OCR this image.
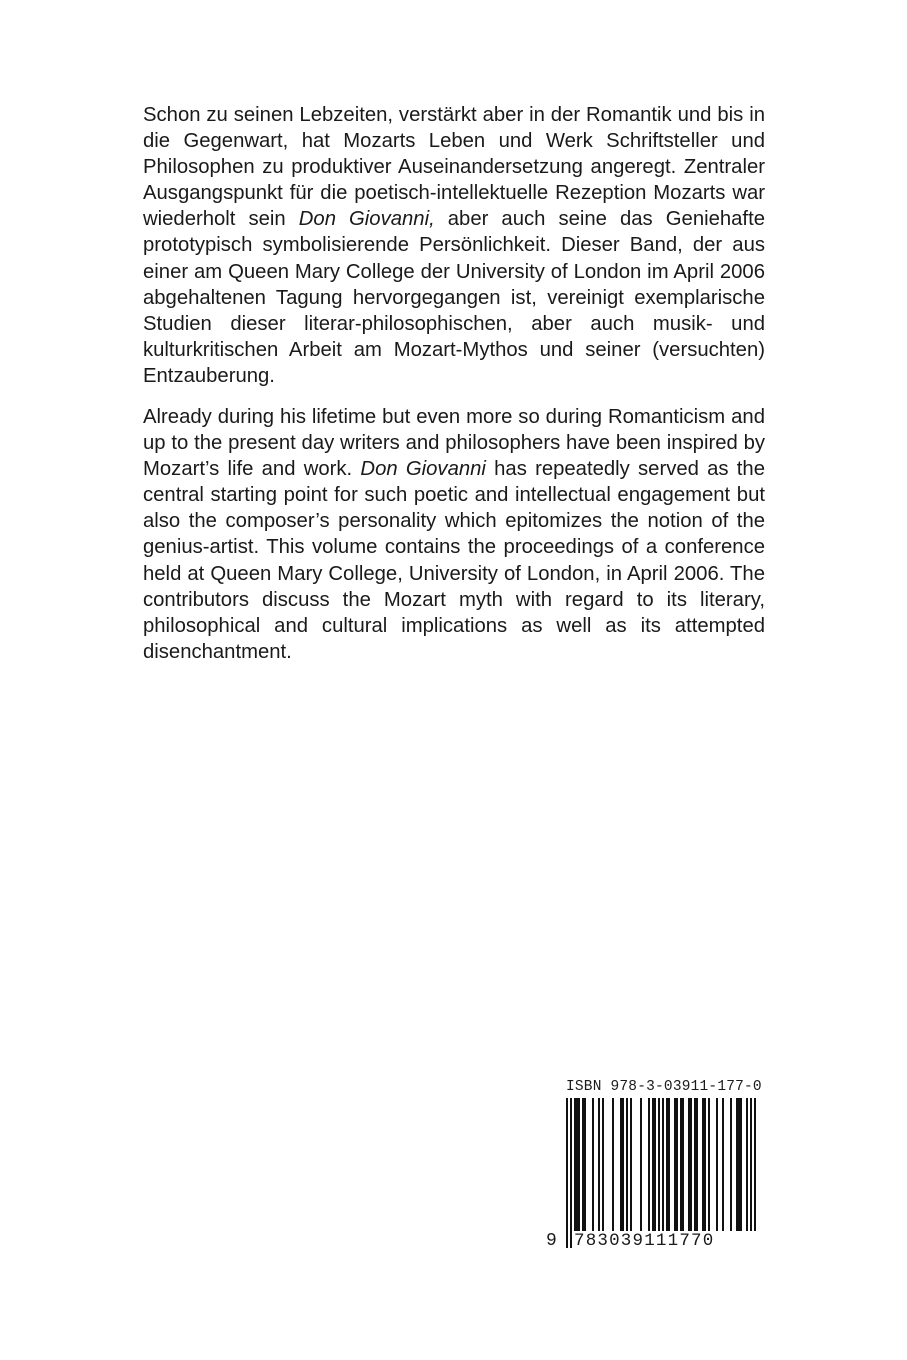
Schon zu seinen Lebzeiten, verstärkt aber in der Romantik und bis in die Gegenwart, hat Mozarts Leben und Werk Schriftsteller und Philosophen zu produktiver Auseinandersetzung angeregt. Zentraler Ausgangspunkt für die poetisch-intellektuelle Rezeption Mozarts war wiederholt sein Don Giovanni, aber auch seine das Geniehafte prototypisch symbolisierende Persönlichkeit. Dieser Band, der aus einer am Queen Mary College der University of London im April 2006 abgehaltenen Tagung hervorgegangen ist, vereinigt exemplarische Studien dieser literar-philosophischen, aber auch musik- und kulturkritischen Arbeit am Mozart-Mythos und seiner (versuchten) Entzauberung.

Already during his lifetime but even more so during Romanticism and up to the present day writers and philosophers have been inspired by Mozart’s life and work. Don Giovanni has repeatedly served as the central starting point for such poetic and intellectual engagement but also the composer’s personality which epitomizes the notion of the genius-artist. This volume contains the proceedings of a conference held at Queen Mary College, University of London, in April 2006. The contributors discuss the Mozart myth with regard to its literary, philosophical and cultural implications as well as its attempted disenchantment.

ISBN 978-3-03911-177-0

9 783039111770
